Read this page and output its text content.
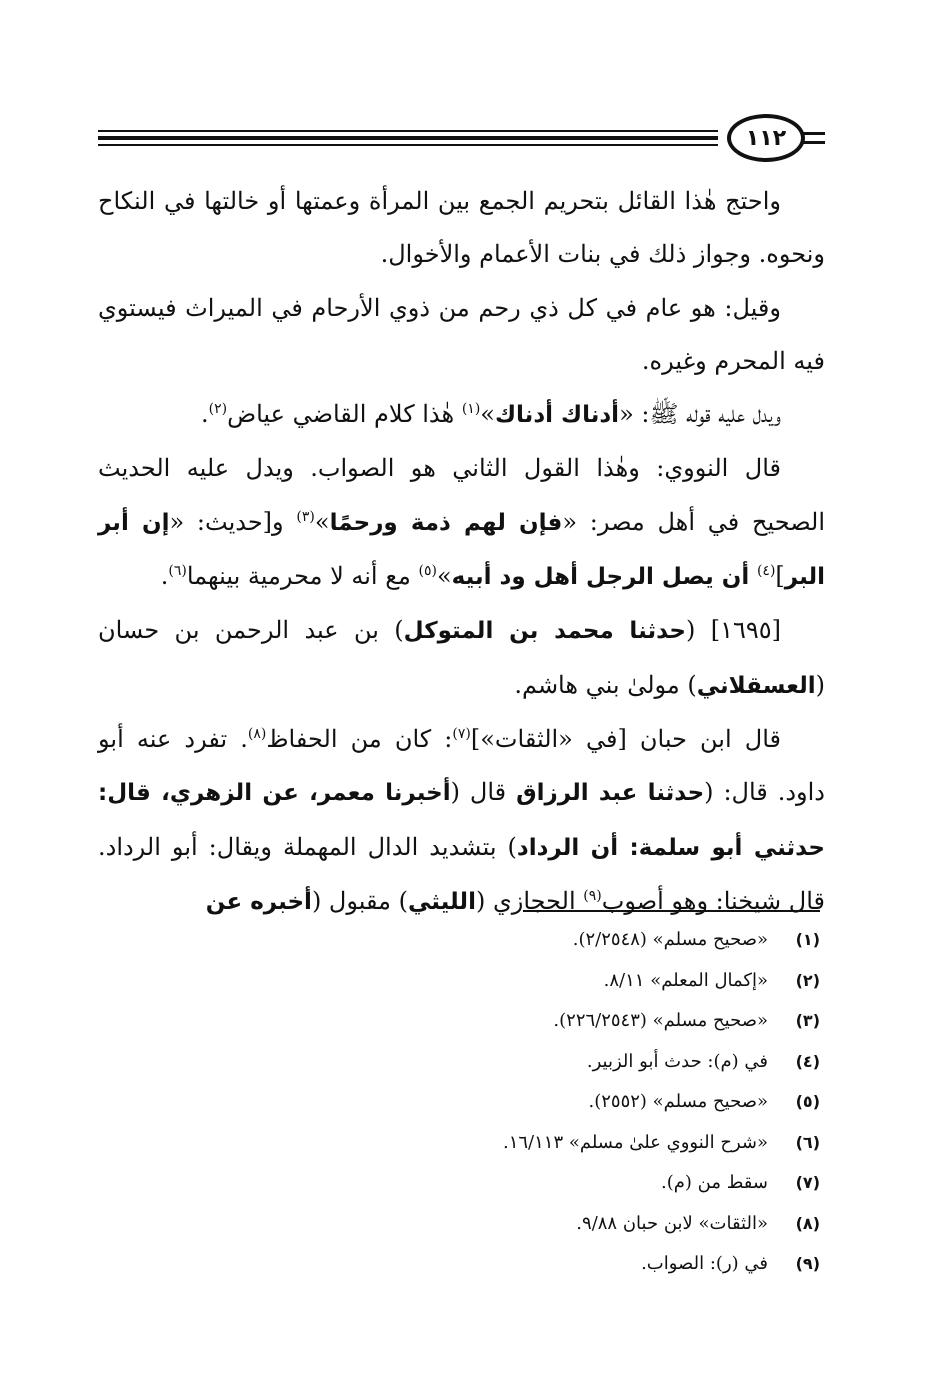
١١٢

واحتج هٰذا القائل بتحريم الجمع بين المرأة وعمتها أو خالتها في النكاح ونحوه. وجواز ذلك في بنات الأعمام والأخوال.

وقيل: هو عام في كل ذي رحم من ذوي الأرحام في الميراث فيستوي فيه المحرم وغيره.

ويدل عليه قوله ﷺ: «أدناك أدناك»$^{(١)}$ هٰذا كلام القاضي عياض$^{(٢)}$.

قال النووي: وهٰذا القول الثاني هو الصواب. ويدل عليه الحديث الصحيح في أهل مصر: «فإن لهم ذمة ورحمًا»$^{(٣)}$ و[حديث: «إن أبر البر]$^{(٤)}$ أن يصل الرجل أهل ود أبيه»$^{(٥)}$ مع أنه لا محرمية بينهما$^{(٦)}$.

[١٦٩٥] (حدثنا محمد بن المتوكل) بن عبد الرحمن بن حسان (العسقلاني) مولىٰ بني هاشم.

قال ابن حبان [في «الثقات»]$^{(٧)}$: كان من الحفاظ$^{(٨)}$. تفرد عنه أبو داود. قال: (حدثنا عبد الرزاق قال (أخبرنا معمر، عن الزهري، قال: حدثني أبو سلمة: أن الرداد) بتشديد الدال المهملة ويقال: أبو الرداد. قال شيخنا: وهو أصوب$^{(٩)}$ الحجازي (الليثي) مقبول (أخبره عن

(١)
«صحيح مسلم» (٢/٢٥٤٨).
(٢)
«إكمال المعلم» ٨/١١.
(٣)
«صحيح مسلم» (٢٢٦/٢٥٤٣).
(٤)
في (م): حدث أبو الزبير.
(٥)
«صحيح مسلم» (٢٥٥٢).
(٦)
«شرح النووي علىٰ مسلم» ١٦/١١٣.
(٧)
سقط من (م).
(٨)
«الثقات» لابن حبان ٩/٨٨.
(٩)
في (ر): الصواب.
